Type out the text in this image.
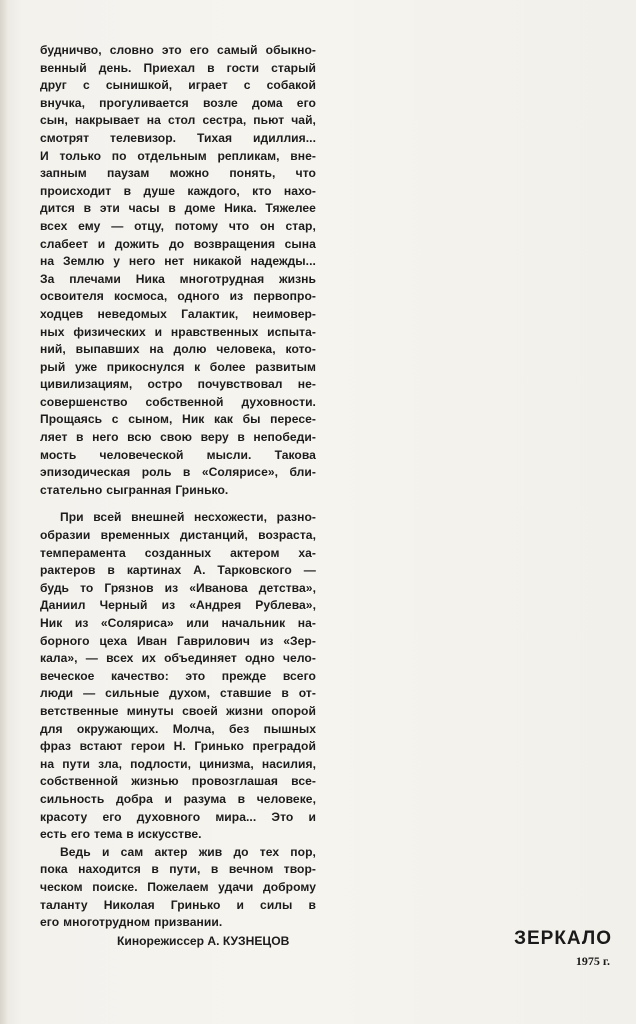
будничво, словно это его самый обыкно-
венный день. Приехал в гости старый
друг с сынишкой, играет с собакой
внучка, прогуливается возле дома его
сын, накрывает на стол сестра, пьют чай,
смотрят телевизор. Тихая идиллия...
И только по отдельным репликам, вне-
запным паузам можно понять, что
происходит в душе каждого, кто нахо-
дится в эти часы в доме Ника. Тяжелее
всех ему — отцу, потому что он стар,
слабеет и дожить до возвращения сына
на Землю у него нет никакой надежды...
За плечами Ника многотрудная жизнь
освоителя космоса, одного из первопро-
ходцев неведомых Галактик, неимовер-
ных физических и нравственных испыта-
ний, выпавших на долю человека, кото-
рый уже прикоснулся к более развитым
цивилизациям, остро почувствовал не-
совершенство собственной духовности.
Прощаясь с сыном, Ник как бы пересе-
ляет в него всю свою веру в непобеди-
мость человеческой мысли. Такова
эпизодическая роль в «Солярисе», бли-
стательно сыгранная Гринько.
При всей внешней несхожести, разно-
образии временных дистанций, возраста,
темперамента созданных актером ха-
рактеров в картинах А. Тарковского —
будь то Грязнов из «Иванова детства»,
Даниил Черный из «Андрея Рублева»,
Ник из «Соляриса» или начальник на-
борного цеха Иван Гаврилович из «Зер-
кала», — всех их объединяет одно чело-
веческое качество: это прежде всего
люди — сильные духом, ставшие в от-
ветственные минуты своей жизни опорой
для окружающих. Молча, без пышных
фраз встают герои Н. Гринько преградой
на пути зла, подлости, цинизма, насилия,
собственной жизнью провозглашая все-
сильность добра и разума в человеке,
красоту его духовного мира... Это и
есть его тема в искусстве.
Ведь и сам актер жив до тех пор,
пока находится в пути, в вечном твор-
ческом поиске. Пожелаем удачи доброму
таланту Николая Гринько и силы в
его многотрудном призвании.
Кинорежиссер А. КУЗНЕЦОВ	ЗЕРКАЛО
1975 г.
